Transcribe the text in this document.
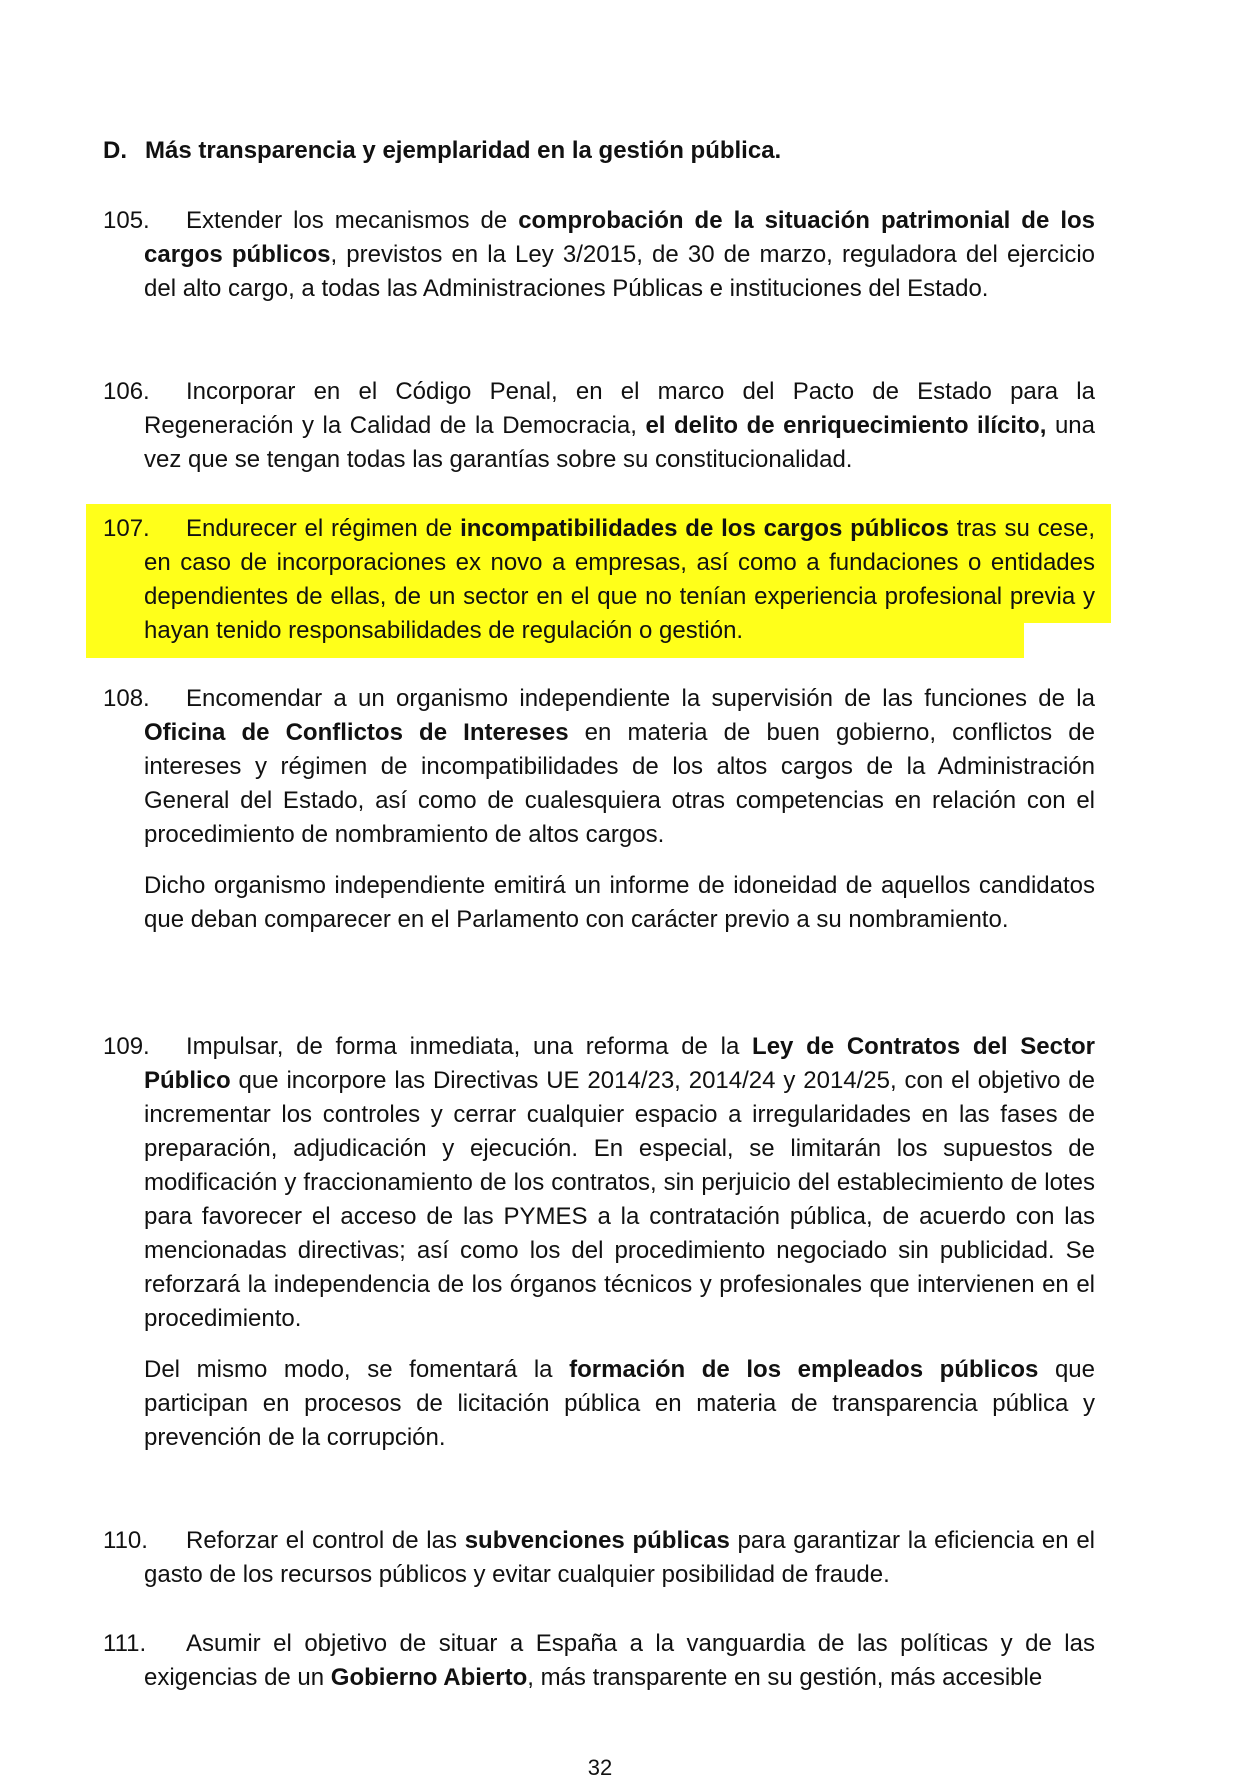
D. Más transparencia y ejemplaridad en la gestión pública.

105. Extender los mecanismos de comprobación de la situación patrimonial de los cargos públicos, previstos en la Ley 3/2015, de 30 de marzo, reguladora del ejercicio del alto cargo, a todas las Administraciones Públicas e instituciones del Estado.

106. Incorporar en el Código Penal, en el marco del Pacto de Estado para la Regeneración y la Calidad de la Democracia, el delito de enriquecimiento ilícito, una vez que se tengan todas las garantías sobre su constitucionalidad.

107. Endurecer el régimen de incompatibilidades de los cargos públicos tras su cese, en caso de incorporaciones ex novo a empresas, así como a fundaciones o entidades dependientes de ellas, de un sector en el que no tenían experiencia profesional previa y hayan tenido responsabilidades de regulación o gestión.

108. Encomendar a un organismo independiente la supervisión de las funciones de la Oficina de Conflictos de Intereses en materia de buen gobierno, conflictos de intereses y régimen de incompatibilidades de los altos cargos de la Administración General del Estado, así como de cualesquiera otras competencias en relación con el procedimiento de nombramiento de altos cargos.

Dicho organismo independiente emitirá un informe de idoneidad de aquellos candidatos que deban comparecer en el Parlamento con carácter previo a su nombramiento.

109. Impulsar, de forma inmediata, una reforma de la Ley de Contratos del Sector Público que incorpore las Directivas UE 2014/23, 2014/24 y 2014/25, con el objetivo de incrementar los controles y cerrar cualquier espacio a irregularidades en las fases de preparación, adjudicación y ejecución. En especial, se limitarán los supuestos de modificación y fraccionamiento de los contratos, sin perjuicio del establecimiento de lotes para favorecer el acceso de las PYMES a la contratación pública, de acuerdo con las mencionadas directivas; así como los del procedimiento negociado sin publicidad. Se reforzará la independencia de los órganos técnicos y profesionales que intervienen en el procedimiento.

Del mismo modo, se fomentará la formación de los empleados públicos que participan en procesos de licitación pública en materia de transparencia pública y prevención de la corrupción.

110. Reforzar el control de las subvenciones públicas para garantizar la eficiencia en el gasto de los recursos públicos y evitar cualquier posibilidad de fraude.

111. Asumir el objetivo de situar a España a la vanguardia de las políticas y de las exigencias de un Gobierno Abierto, más transparente en su gestión, más accesible

32
